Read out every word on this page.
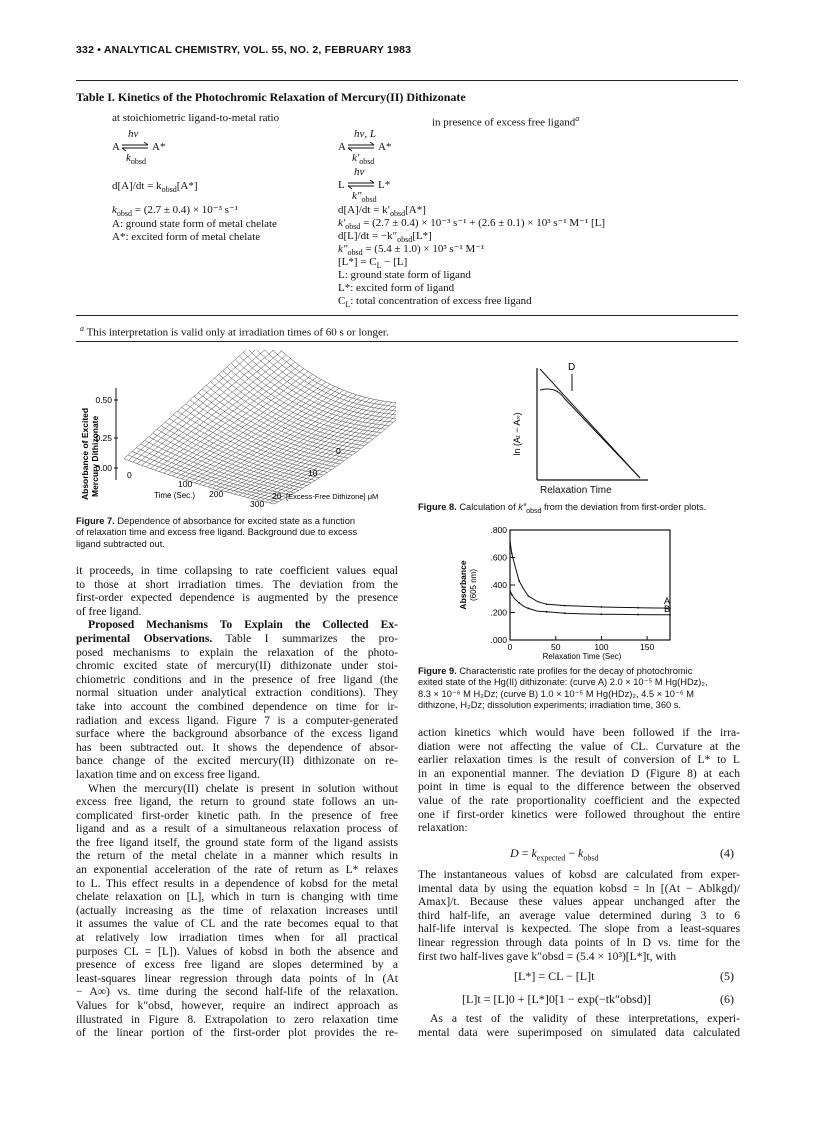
332 • ANALYTICAL CHEMISTRY, VOL. 55, NO. 2, FEBRUARY 1983
Table I. Kinetics of the Photochromic Relaxation of Mercury(II) Dithizonate
at stoichiometric ligand-to-metal ratio	in presence of excess free ligand$^a$
hν
A ⇌ A*
$k_{obsd}$
$d[A]/dt = k_{obsd}[A*]$
$k_{obsd} = (2.7 \pm 0.4) \times 10^{-3}$ s⁻¹
A: ground state form of metal chelate
A*: excited form of metal chelate
hν, L
A ⇌ A*
$k'_{obsd}$
hν
L ⇌ L*
$k''_{obsd}$
$d[A]/dt = k'_{obsd}[A*]$
$k'_{obsd} = (2.7 \pm 0.4) \times 10^{-3}$ s⁻¹ + (2.6 ± 0.1) × 10³ s⁻¹ M⁻¹ [L]
$d[L]/dt = -k''_{obsd}[L*]$
$k''_{obsd} = (5.4 \pm 1.0) \times 10^3$ s⁻¹ M⁻¹
$[L*] = C_L - [L]$
L: ground state form of ligand
L*: excited form of ligand
$C_L$: total concentration of excess free ligand
$^a$ This interpretation is valid only at irradiation times of 60 s or longer.
0.50
0.25
0.00
Absorbance of Excited Mercury Dithizonate	0
100
200
300
Time (Sec.)
0
10
20 [Excess-Free Dithizone] μM
Figure 7. Dependence of absorbance for excited state as a function
of relaxation time and excess free ligand. Background due to excess
ligand subtracted out.
D
ln (At − A∞)
Relaxation Time
Figure 8. Calculation of $k''_{obsd}$ from the deviation from first-order plots.
.800
.600
.400
.200
.000
0	50	100	150
Relaxation Time (Sec)
Absorbance (605 nm)
A
B
Figure 9. Characteristic rate profiles for the decay of photochromic
exited state of the Hg(II) dithizonate: (curve A) 2.0 × 10⁻⁵ M Hg(HDz)₂,
8.3 × 10⁻⁶ M H₂Dz; (curve B) 1.0 × 10⁻⁵ M Hg(HDz)₂, 4.5 × 10⁻⁶ M
dithizone, H₂Dz; dissolution experiments; irradiation time, 360 s.
it proceeds, in time collapsing to rate coefficient values equal
to those at short irradiation times. The deviation from the
first-order expected dependence is augmented by the presence
of free ligand.
Proposed Mechanisms To Explain the Collected Ex-
perimental Observations. Table I summarizes the pro-
posed mechanisms to explain the relaxation of the photo-
chromic excited state of mercury(II) dithizonate under stoi-
chiometric conditions and in the presence of free ligand (the
normal situation under analytical extraction conditions). They
take into account the combined dependence on time for ir-
radiation and excess ligand. Figure 7 is a computer-generated
surface where the background absorbance of the excess ligand
has been subtracted out. It shows the dependence of absor-
bance change of the excited mercury(II) dithizonate on re-
laxation time and on excess free ligand.
When the mercury(II) chelate is present in solution without
excess free ligand, the return to ground state follows an un-
complicated first-order kinetic path. In the presence of free
ligand and as a result of a simultaneous relaxation process of
the free ligand itself, the ground state form of the ligand assists
the return of the metal chelate in a manner which results in
an exponential acceleration of the rate of return as L* relaxes
to L. This effect results in a dependence of kobsd for the metal
chelate relaxation on [L], which in turn is changing with time
(actually increasing as the time of relaxation increases until
it assumes the value of CL and the rate becomes equal to that
at relatively low irradiation times when for all practical
purposes CL = [L]). Values of kobsd in both the absence and
presence of excess free ligand are slopes determined by a
least-squares linear regression through data points of ln (At
− A∞) vs. time during the second half-life of the relaxation.
Values for k″obsd, however, require an indirect approach as
illustrated in Figure 8. Extrapolation to zero relaxation time
of the linear portion of the first-order plot provides the re-
action kinetics which would have been followed if the irra-
diation were not affecting the value of CL. Curvature at the
earlier relaxation times is the result of conversion of L* to L
in an exponential manner. The deviation D (Figure 8) at each
point in time is equal to the difference between the observed
value of the rate proportionality coefficient and the expected
one if first-order kinetics were followed throughout the entire
relaxation:
$D = k_{expected} - k_{obsd}$	(4)
The instantaneous values of kobsd are calculated from exper-
imental data by using the equation kobsd = ln [(At − Ablkgd)/
Amax]/t. Because these values appear unchanged after the
third half-life, an average value determined during 3 to 6
half-life interval is kexpected. The slope from a least-squares
linear regression through data points of ln D vs. time for the
first two half-lives gave k″obsd = (5.4 × 10³)[L*]t, with
[L*] = CL − [L]t	(5)
[L]t = [L]0 + [L*]0[1 − exp(−tk″obsd)]	(6)
As a test of the validity of these interpretations, experi-
mental data were superimposed on simulated data calculated
